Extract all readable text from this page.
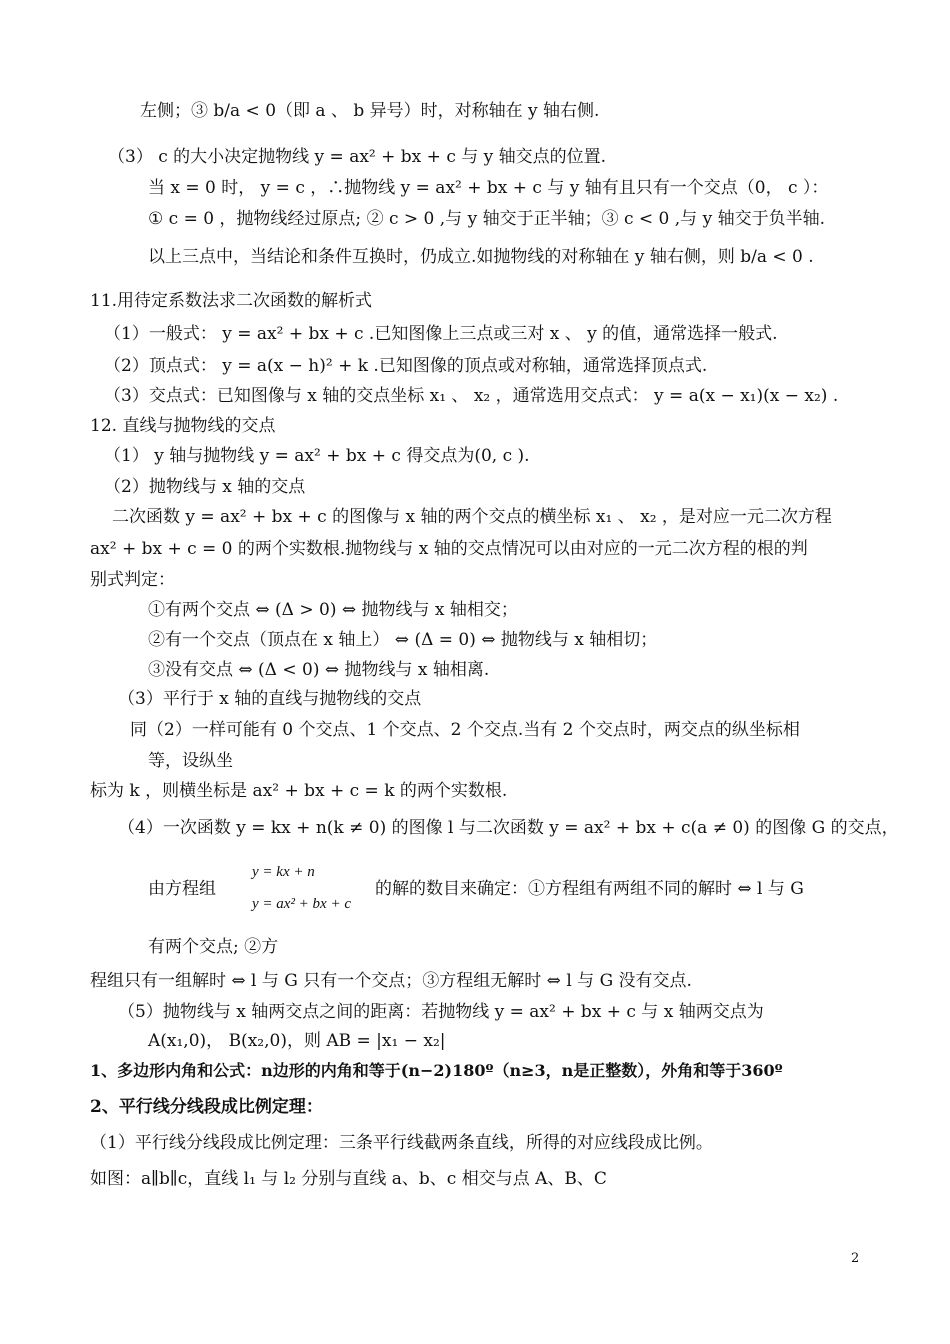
左侧；③ b/a < 0（即 a 、 b 异号）时，对称轴在 y 轴右侧.
（3） c 的大小决定抛物线 y = ax² + bx + c 与 y 轴交点的位置.
当 x = 0 时， y = c ，∴抛物线 y = ax² + bx + c 与 y 轴有且只有一个交点（0， c ）：
① c = 0 ，抛物线经过原点; ② c > 0 ,与 y 轴交于正半轴；③ c < 0 ,与 y 轴交于负半轴.
以上三点中，当结论和条件互换时，仍成立.如抛物线的对称轴在 y 轴右侧，则 b/a < 0 .
11.用待定系数法求二次函数的解析式
（1）一般式： y = ax² + bx + c .已知图像上三点或三对 x 、 y 的值，通常选择一般式.
（2）顶点式： y = a(x − h)² + k .已知图像的顶点或对称轴，通常选择顶点式.
（3）交点式：已知图像与 x 轴的交点坐标 x₁ 、 x₂ ，通常选用交点式： y = a(x − x₁)(x − x₂) .
12. 直线与抛物线的交点
（1） y 轴与抛物线 y = ax² + bx + c 得交点为(0, c ).
（2）抛物线与 x 轴的交点
二次函数 y = ax² + bx + c 的图像与 x 轴的两个交点的横坐标 x₁ 、 x₂ ，是对应一元二次方程
ax² + bx + c = 0 的两个实数根.抛物线与 x 轴的交点情况可以由对应的一元二次方程的根的判
别式判定：
①有两个交点 ⇔ (Δ > 0) ⇔ 抛物线与 x 轴相交；
②有一个交点（顶点在 x 轴上） ⇔ (Δ = 0) ⇔ 抛物线与 x 轴相切；
③没有交点 ⇔ (Δ < 0) ⇔ 抛物线与 x 轴相离.
（3）平行于 x 轴的直线与抛物线的交点
同（2）一样可能有 0 个交点、1 个交点、2 个交点.当有 2 个交点时，两交点的纵坐标相
等，设纵坐
标为 k ，则横坐标是 ax² + bx + c = k 的两个实数根.
（4）一次函数 y = kx + n(k ≠ 0) 的图像 l 与二次函数 y = ax² + bx + c(a ≠ 0) 的图像 G 的交点，
由方程组
y = kx + n
y = ax² + bx + c
的解的数目来确定：①方程组有两组不同的解时 ⇔ l 与 G
有两个交点; ②方
程组只有一组解时 ⇔ l 与 G 只有一个交点；③方程组无解时 ⇔ l 与 G 没有交点.
（5）抛物线与 x 轴两交点之间的距离：若抛物线 y = ax² + bx + c 与 x 轴两交点为
A(x₁,0)， B(x₂,0)，则 AB = |x₁ − x₂|
1、多边形内角和公式：n边形的内角和等于(n−2)180º（n≥3，n是正整数），外角和等于360º
2、平行线分线段成比例定理：
（1）平行线分线段成比例定理：三条平行线截两条直线，所得的对应线段成比例。
如图：a∥b∥c，直线 l₁ 与 l₂ 分别与直线 a、b、c 相交与点 A、B、C
2
